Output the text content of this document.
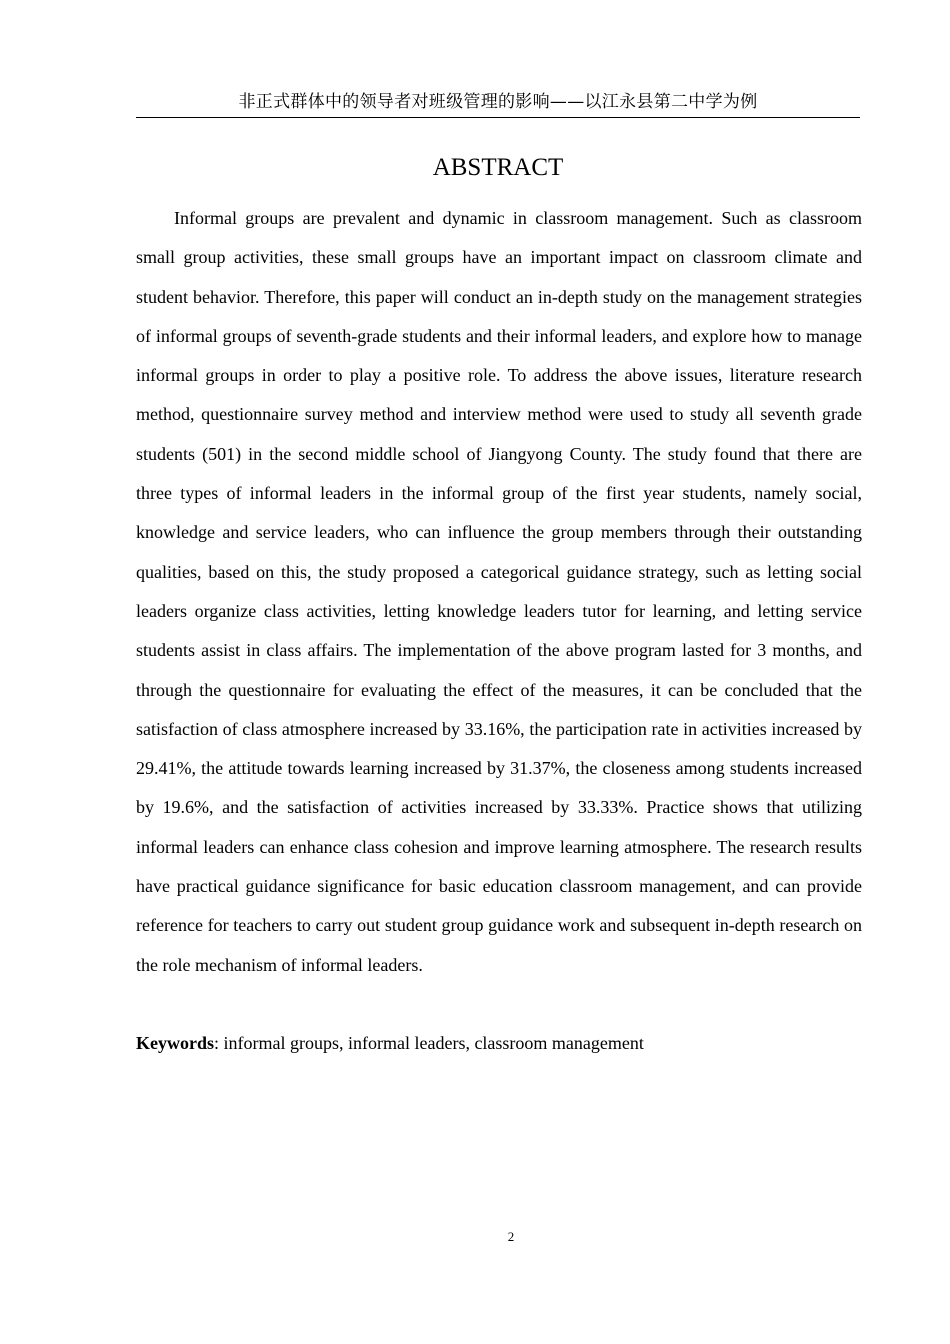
非正式群体中的领导者对班级管理的影响——以江永县第二中学为例
ABSTRACT

Informal groups are prevalent and dynamic in classroom management. Such as classroom small group activities, these small groups have an important impact on classroom climate and student behavior. Therefore, this paper will conduct an in-depth study on the management strategies of informal groups of seventh-grade students and their informal leaders, and explore how to manage informal groups in order to play a positive role. To address the above issues, literature research method, questionnaire survey method and interview method were used to study all seventh grade students (501) in the second middle school of Jiangyong County. The study found that there are three types of informal leaders in the informal group of the first year students, namely social, knowledge and service leaders, who can influence the group members through their outstanding qualities, based on this, the study proposed a categorical guidance strategy, such as letting social leaders organize class activities, letting knowledge leaders tutor for learning, and letting service students assist in class affairs. The implementation of the above program lasted for 3 months, and through the questionnaire for evaluating the effect of the measures, it can be concluded that the satisfaction of class atmosphere increased by 33.16%, the participation rate in activities increased by 29.41%, the attitude towards learning increased by 31.37%, the closeness among students increased by 19.6%, and the satisfaction of activities increased by 33.33%. Practice shows that utilizing informal leaders can enhance class cohesion and improve learning atmosphere. The research results have practical guidance significance for basic education classroom management, and can provide reference for teachers to carry out student group guidance work and subsequent in-depth research on the role mechanism of informal leaders.

Keywords: informal groups, informal leaders, classroom management
2
